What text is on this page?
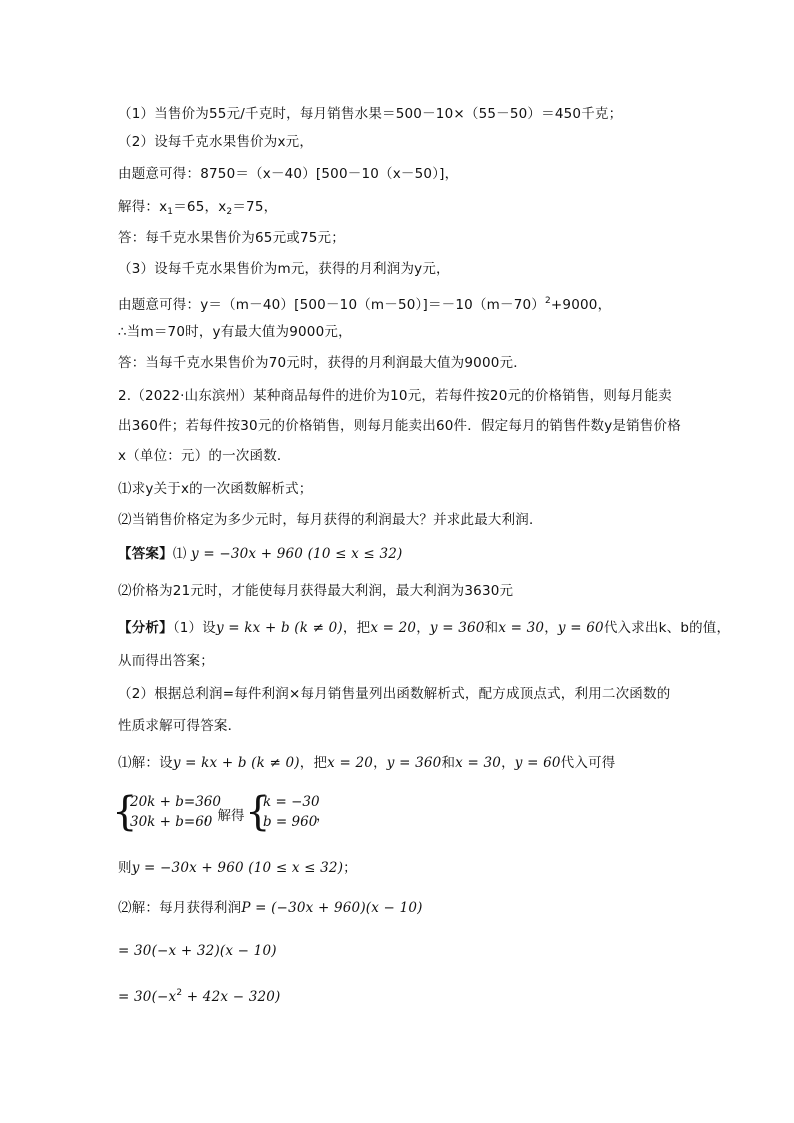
（1）当售价为55元/千克时，每月销售水果＝500－10×（55－50）＝450千克；
（2）设每千克水果售价为x元，
由题意可得：8750＝（x－40）[500－10（x－50）]，
解得：$x_1=65$，$x_2=75$，
答：每千克水果售价为65元或75元；
（3）设每千克水果售价为m元，获得的月利润为y元，
由题意可得：$y=(m-40)[500-10(m-50)]=-10(m-70)^2+9000$，
∴当m＝70时，y有最大值为9000元，
答：当每千克水果售价为70元时，获得的月利润最大值为9000元．
2.（2022·山东滨州）某种商品每件的进价为10元，若每件按20元的价格销售，则每月能卖出360件；若每件按30元的价格销售，则每月能卖出60件．假定每月的销售件数y是销售价格x（单位：元）的一次函数．
⑴求y关于x的一次函数解析式；
⑵当销售价格定为多少元时，每月获得的利润最大？并求此最大利润．
【答案】⑴ y = −30x + 960 (10 ≤ x ≤ 32)
⑵价格为21元时，才能使每月获得最大利润，最大利润为3630元
【分析】（1）设y = kx + b (k ≠ 0)，把x = 20，y = 360和x = 30，y = 60代入求出k、b的值，
从而得出答案；
（2）根据总利润=每件利润×每月销售量列出函数解析式，配方成顶点式，利用二次函数的
性质求解可得答案．
⑴解：设y = kx + b (k ≠ 0)，把x = 20，y = 360和x = 30，y = 60代入可得
{
20k + b=360
30k + b=60
，解得 {
k = −30
b = 960
，
则y = −30x + 960 (10 ≤ x ≤ 32)；
⑵解：每月获得利润P = (−30x + 960)(x − 10)
= 30(−x + 32)(x − 10)
= $30(-x^2 + 42x - 320)$
